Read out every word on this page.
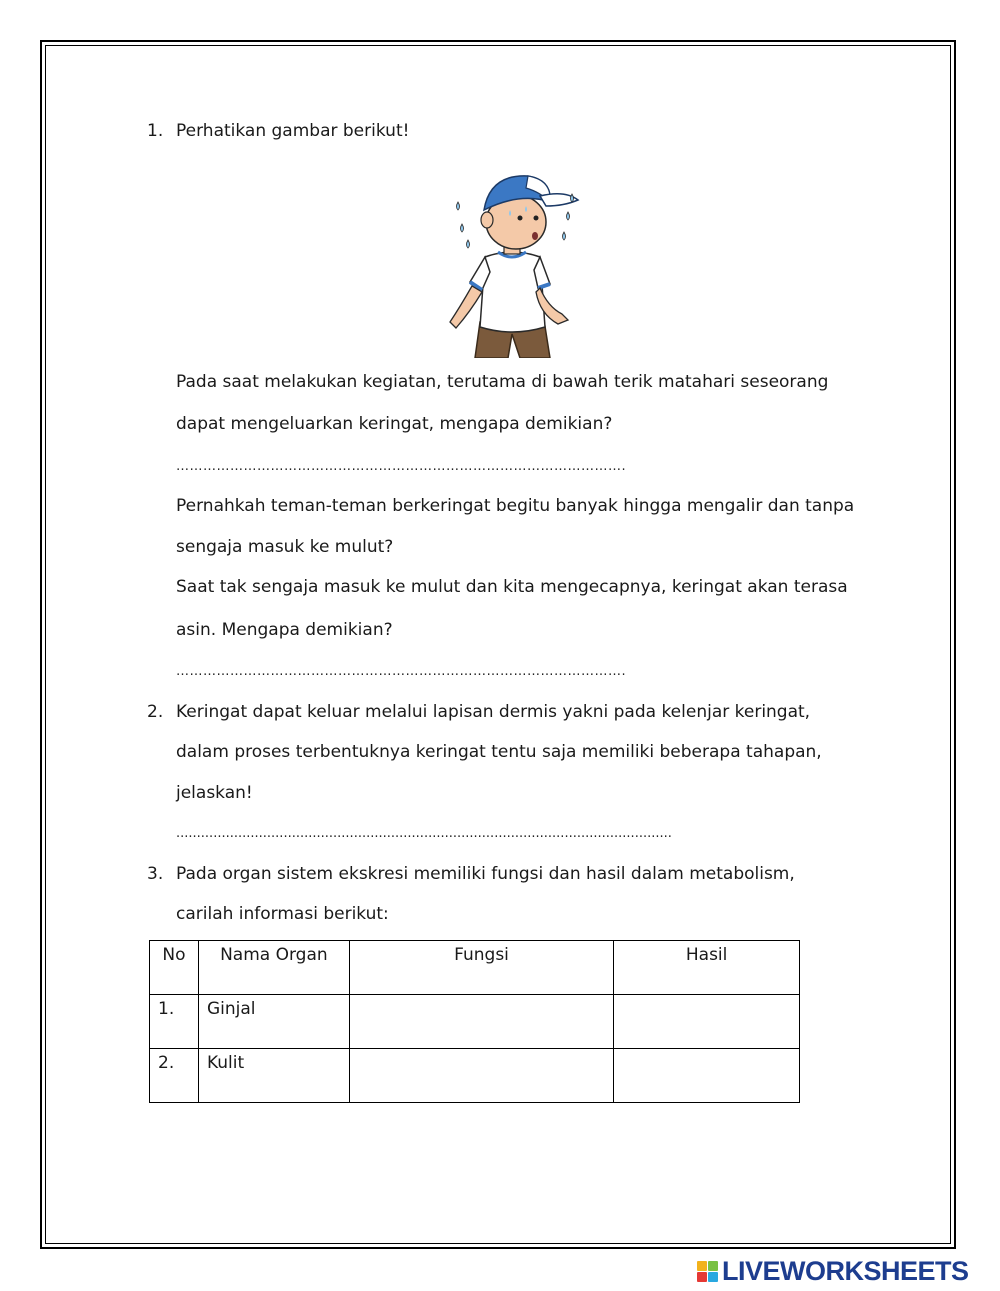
1. Perhatikan gambar berikut!
Pada saat melakukan kegiatan, terutama di bawah terik matahari seseorang
dapat mengeluarkan keringat, mengapa demikian?
……………………………………………………………………………………….
Pernahkah teman-teman berkeringat begitu banyak hingga mengalir dan tanpa
sengaja masuk ke mulut?
Saat tak sengaja masuk ke mulut dan kita mengecapnya, keringat akan terasa
asin. Mengapa demikian?
……………………………………………………………………………………….
2. Keringat dapat keluar melalui lapisan dermis yakni pada kelenjar keringat,
dalam proses terbentuknya keringat tentu saja memiliki beberapa tahapan,
jelaskan!
........................................................................................................................
3. Pada organ sistem ekskresi memiliki fungsi dan hasil dalam metabolism,
carilah informasi berikut:
No	Nama Organ	Fungsi	Hasil
1.	Ginjal		
2.	Kulit		
LIVEWORKSHEETS
